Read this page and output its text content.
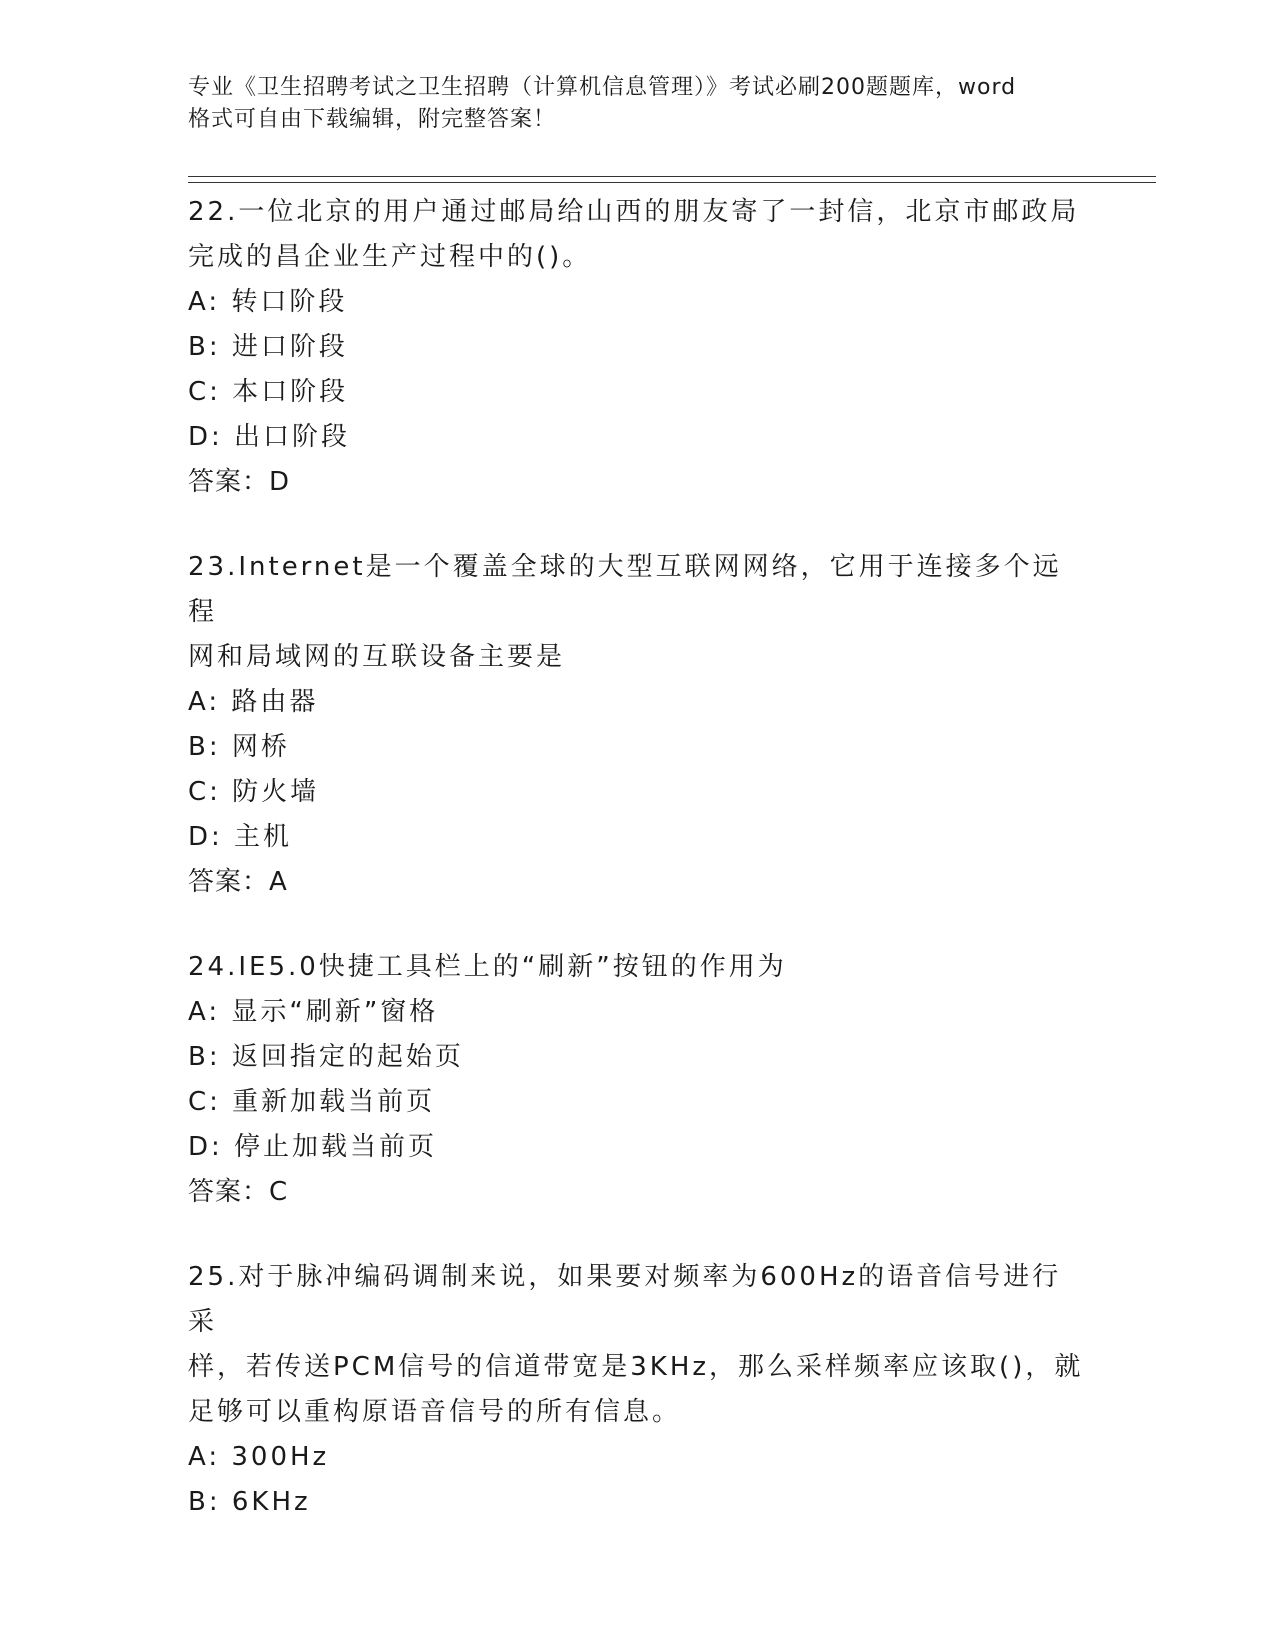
专业《卫生招聘考试之卫生招聘（计算机信息管理）》考试必刷200题题库，word
格式可自由下载编辑，附完整答案！
22.一位北京的用户通过邮局给山西的朋友寄了一封信，北京市邮政局
完成的昌企业生产过程中的()。
A: 转口阶段
B: 进口阶段
C: 本口阶段
D: 出口阶段
答案：D
23.Internet是一个覆盖全球的大型互联网网络，它用于连接多个远程
网和局域网的互联设备主要是
A: 路由器
B: 网桥
C: 防火墙
D: 主机
答案：A
24.IE5.0快捷工具栏上的“刷新”按钮的作用为
A: 显示“刷新”窗格
B: 返回指定的起始页
C: 重新加载当前页
D: 停止加载当前页
答案：C
25.对于脉冲编码调制来说，如果要对频率为600Hz的语音信号进行采
样，若传送PCM信号的信道带宽是3KHz，那么采样频率应该取()，就
足够可以重构原语音信号的所有信息。
A: 300Hz
B: 6KHz
